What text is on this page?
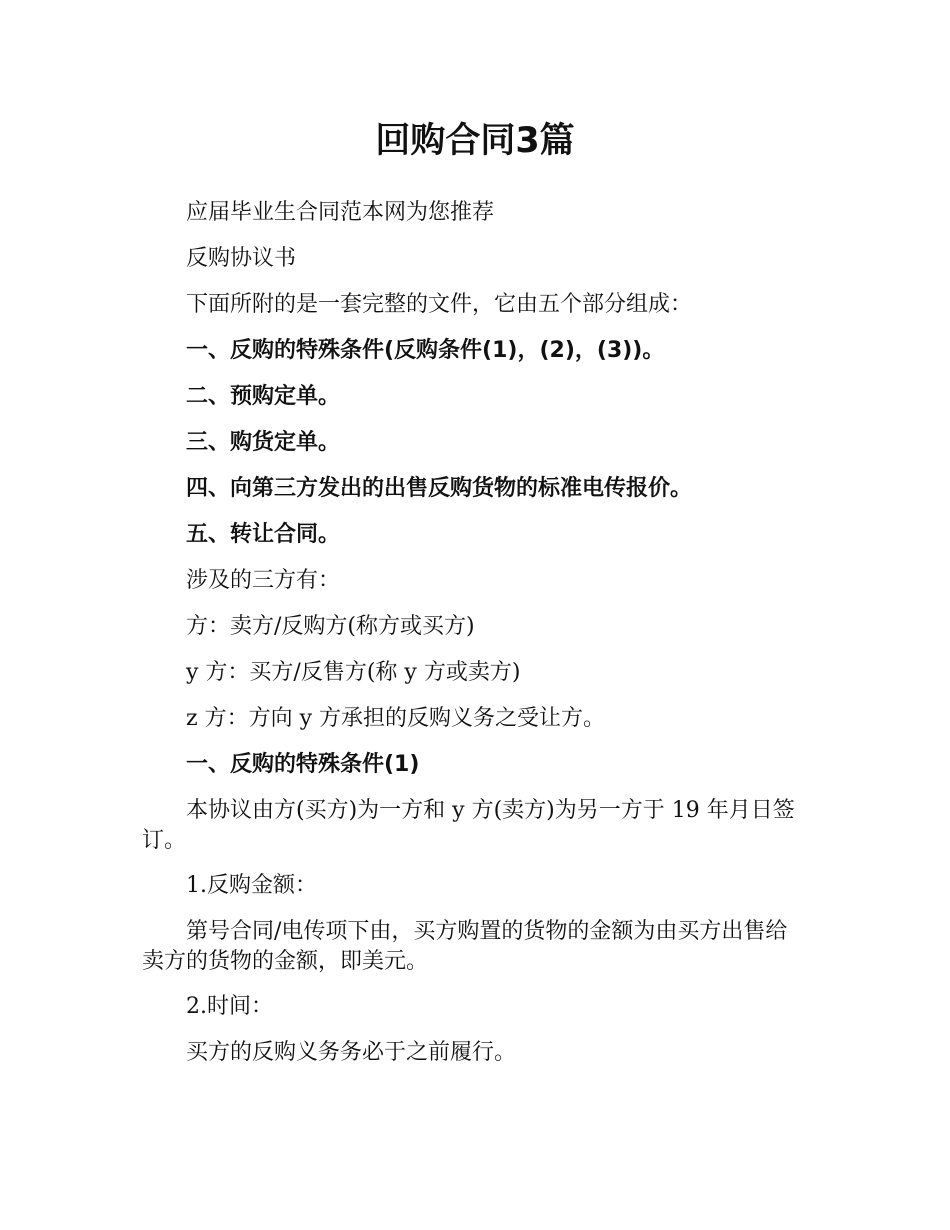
回购合同3篇

应届毕业生合同范本网为您推荐

反购协议书

下面所附的是一套完整的文件，它由五个部分组成：

一、反购的特殊条件(反购条件(1)，(2)，(3))。

二、预购定单。

三、购货定单。

四、向第三方发出的出售反购货物的标准电传报价。

五、转让合同。

涉及的三方有：

方：卖方/反购方(称方或买方)

y 方：买方/反售方(称 y 方或卖方)

z 方：方向 y 方承担的反购义务之受让方。

一、反购的特殊条件(1)

本协议由方(买方)为一方和 y 方(卖方)为另一方于 19 年月日签订。

1.反购金额：

第号合同/电传项下由，买方购置的货物的金额为由买方出售给卖方的货物的金额，即美元。

2.时间：

买方的反购义务务必于之前履行。
